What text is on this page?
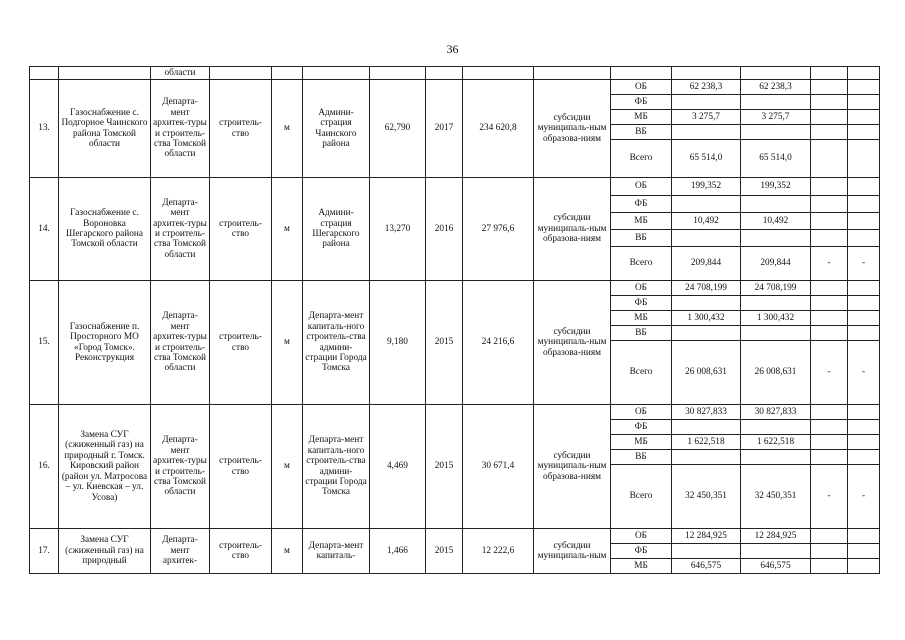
36
		области												
13.	Газоснабжение с. Подгорное Чаинского района Томской области	Департа-мент архитек-туры и строитель-ства Томской области	строитель-ство	м	Админи-страция Чаинского района	62,790	2017	234 620,8	субсидии муниципаль-ным образова-ниям	ОБ	62 238,3	62 238,3		
										ФБ				
										МБ	3 275,7	3 275,7		
										ВБ				
										Всего	65 514,0	65 514,0		
14.	Газоснабжение с. Вороновка Шегарского района Томской области	Департа-мент архитек-туры и строитель-ства Томской области	строитель-ство	м	Админи-страция Шегарского района	13,270	2016	27 976,6	субсидии муниципаль-ным образова-ниям	ОБ	199,352	199,352		
										ФБ				
										МБ	10,492	10,492		
										ВБ				
										Всего	209,844	209,844	-	-
15.	Газоснабжение п. Просторного МО «Город Томск». Реконструкция	Департа-мент архитек-туры и строитель-ства Томской области	строитель-ство	м	Департа-мент капиталь-ного строитель-ства админи-страции Города Томска	9,180	2015	24 216,6	субсидии муниципаль-ным образова-ниям	ОБ	24 708,199	24 708,199		
										ФБ				
										МБ	1 300,432	1 300,432		
										ВБ				
										Всего	26 008,631	26 008,631	-	-
16.	Замена СУГ (сжиженный газ) на природный г. Томск. Кировский район (район ул. Матросова – ул. Киевская – ул. Усова)	Департа-мент архитек-туры и строитель-ства Томской области	строитель-ство	м	Департа-мент капиталь-ного строитель-ства админи-страции Города Томска	4,469	2015	30 671,4	субсидии муниципаль-ным образова-ниям	ОБ	30 827,833	30 827,833		
										ФБ				
										МБ	1 622,518	1 622,518		
										ВБ				
										Всего	32 450,351	32 450,351	-	-
17.	Замена СУГ (сжиженный газ) на природный	Департа-мент архитек-	строитель-ство	м	Департа-мент капиталь-	1,466	2015	12 222,6	субсидии муниципаль-ным	ОБ	12 284,925	12 284,925		
										ФБ				
										МБ	646,575	646,575		
